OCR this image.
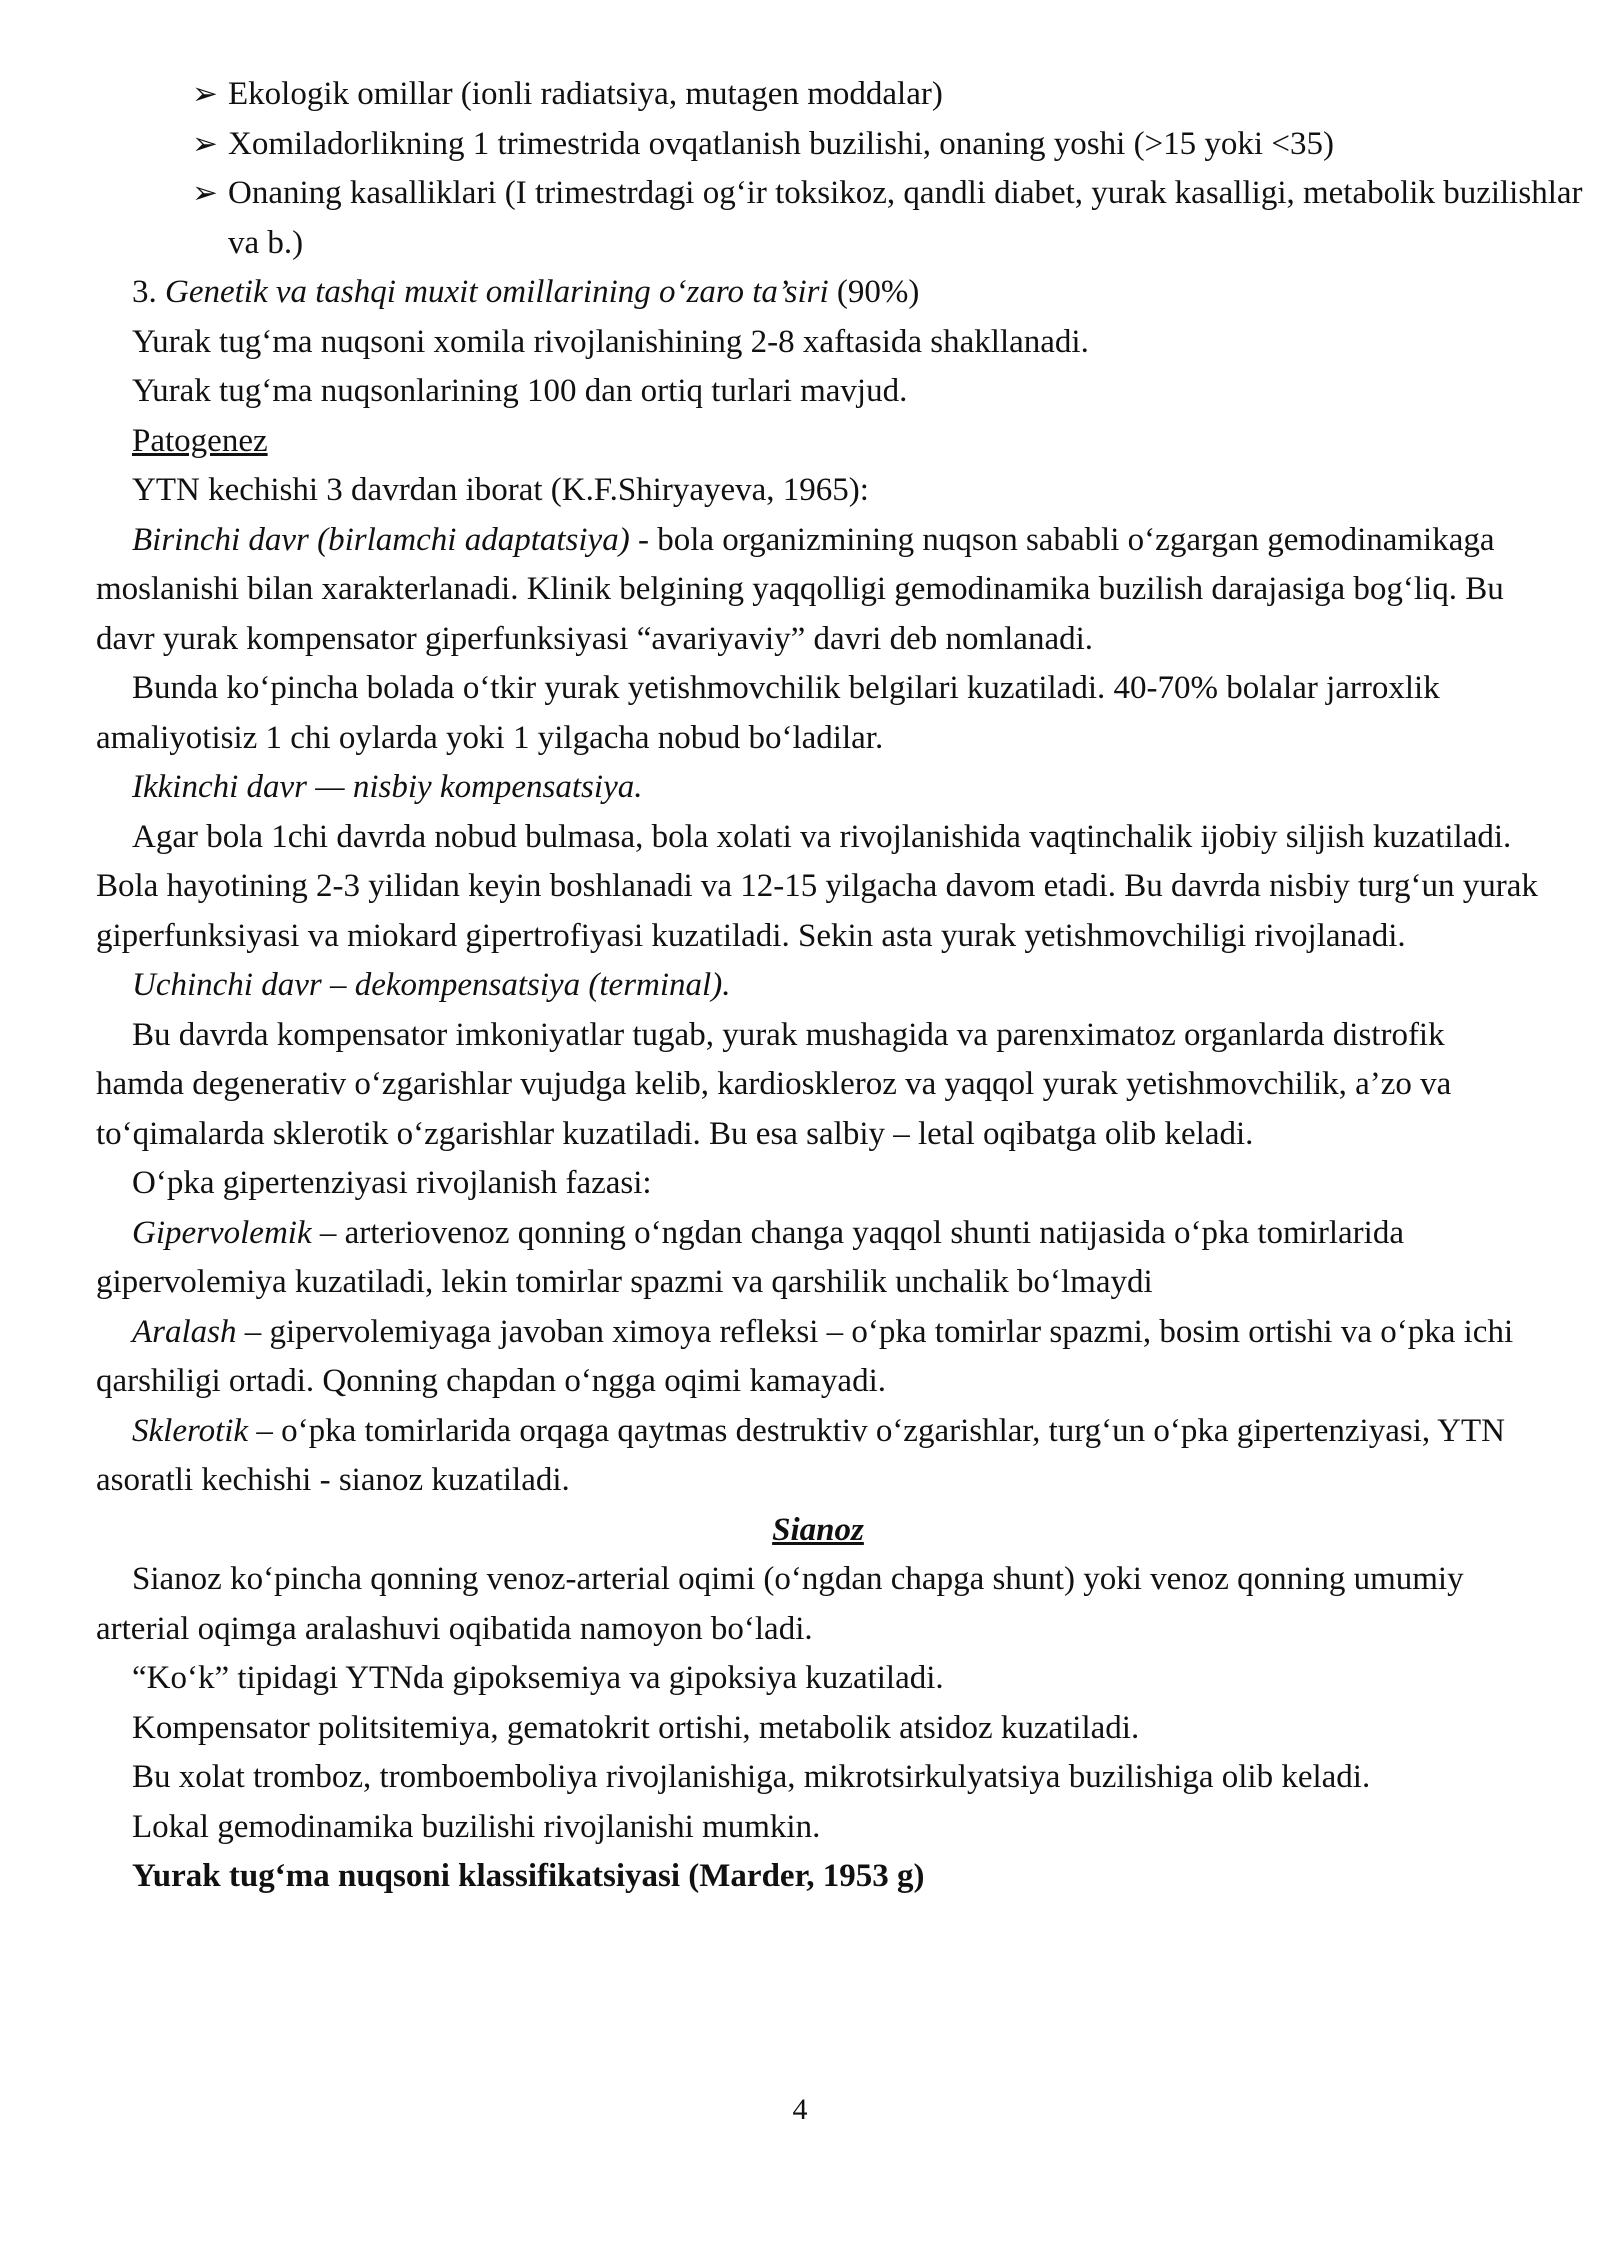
➢ Ekologik omillar (ionli radiatsiya, mutagen moddalar)
➢ Xomiladorlikning 1 trimestrida ovqatlanish buzilishi, onaning yoshi (>15 yoki <35)
➢ Onaning kasalliklari (I trimestrdagi og‘ir toksikoz, qandli diabet, yurak kasalligi, metabolik buzilishlar va b.)

3. Genetik va tashqi muxit omillarining o‘zaro ta’siri (90%)

Yurak tug‘ma nuqsoni xomila rivojlanishining 2-8 xaftasida shakllanadi.

Yurak tug‘ma nuqsonlarining 100 dan ortiq turlari mavjud.

Patogenez

YTN kechishi 3 davrdan iborat (K.F.Shiryayeva, 1965):

Birinchi davr (birlamchi adaptatsiya) - bola organizmining nuqson sababli o‘zgargan gemodinamikaga moslanishi bilan xarakterlanadi. Klinik belgining yaqqolligi gemodinamika buzilish darajasiga bog‘liq. Bu davr yurak kompensator giperfunksiyasi “avariyaviy” davri deb nomlanadi.

Bunda ko‘pincha bolada o‘tkir yurak yetishmovchilik belgilari kuzatiladi. 40-70% bolalar jarroxlik amaliyotisiz 1 chi oylarda yoki 1 yilgacha nobud bo‘ladilar.

Ikkinchi davr — nisbiy kompensatsiya.

Agar bola 1chi davrda nobud bulmasa, bola xolati va rivojlanishida vaqtinchalik ijobiy siljish kuzatiladi. Bola hayotining 2-3 yilidan keyin boshlanadi va 12-15 yilgacha davom etadi. Bu davrda nisbiy turg‘un yurak giperfunksiyasi va miokard gipertrofiyasi kuzatiladi. Sekin asta yurak yetishmovchiligi rivojlanadi.

Uchinchi davr – dekompensatsiya (terminal).

Bu davrda kompensator imkoniyatlar tugab, yurak mushagida va parenximatoz organlarda distrofik hamda degenerativ o‘zgarishlar vujudga kelib, kardioskleroz va yaqqol yurak yetishmovchilik, a’zo va to‘qimalarda sklerotik o‘zgarishlar kuzatiladi. Bu esa salbiy – letal oqibatga olib keladi.

O‘pka gipertenziyasi rivojlanish fazasi:

Gipervolemik – arteriovenoz qonning o‘ngdan changa yaqqol shunti natijasida o‘pka tomirlarida gipervolemiya kuzatiladi, lekin tomirlar spazmi va qarshilik unchalik bo‘lmaydi

Aralash – gipervolemiyaga javoban ximoya refleksi – o‘pka tomirlar spazmi, bosim ortishi va o‘pka ichi qarshiligi ortadi. Qonning chapdan o‘ngga oqimi kamayadi.

Sklerotik – o‘pka tomirlarida orqaga qaytmas destruktiv o‘zgarishlar, turg‘un o‘pka gipertenziyasi, YTN asoratli kechishi - sianoz kuzatiladi.

Sianoz

Sianoz ko‘pincha qonning venoz-arterial oqimi (o‘ngdan chapga shunt) yoki venoz qonning umumiy arterial oqimga aralashuvi oqibatida namoyon bo‘ladi.

“Ko‘k” tipidagi YTNda gipoksemiya va gipoksiya kuzatiladi.

Kompensator politsitemiya, gematokrit ortishi, metabolik atsidoz kuzatiladi.

Bu xolat tromboz, tromboemboliya rivojlanishiga, mikrotsirkulyatsiya buzilishiga olib keladi.

Lokal gemodinamika buzilishi rivojlanishi mumkin.

Yurak tug‘ma nuqsoni klassifikatsiyasi (Marder, 1953 g)

4
